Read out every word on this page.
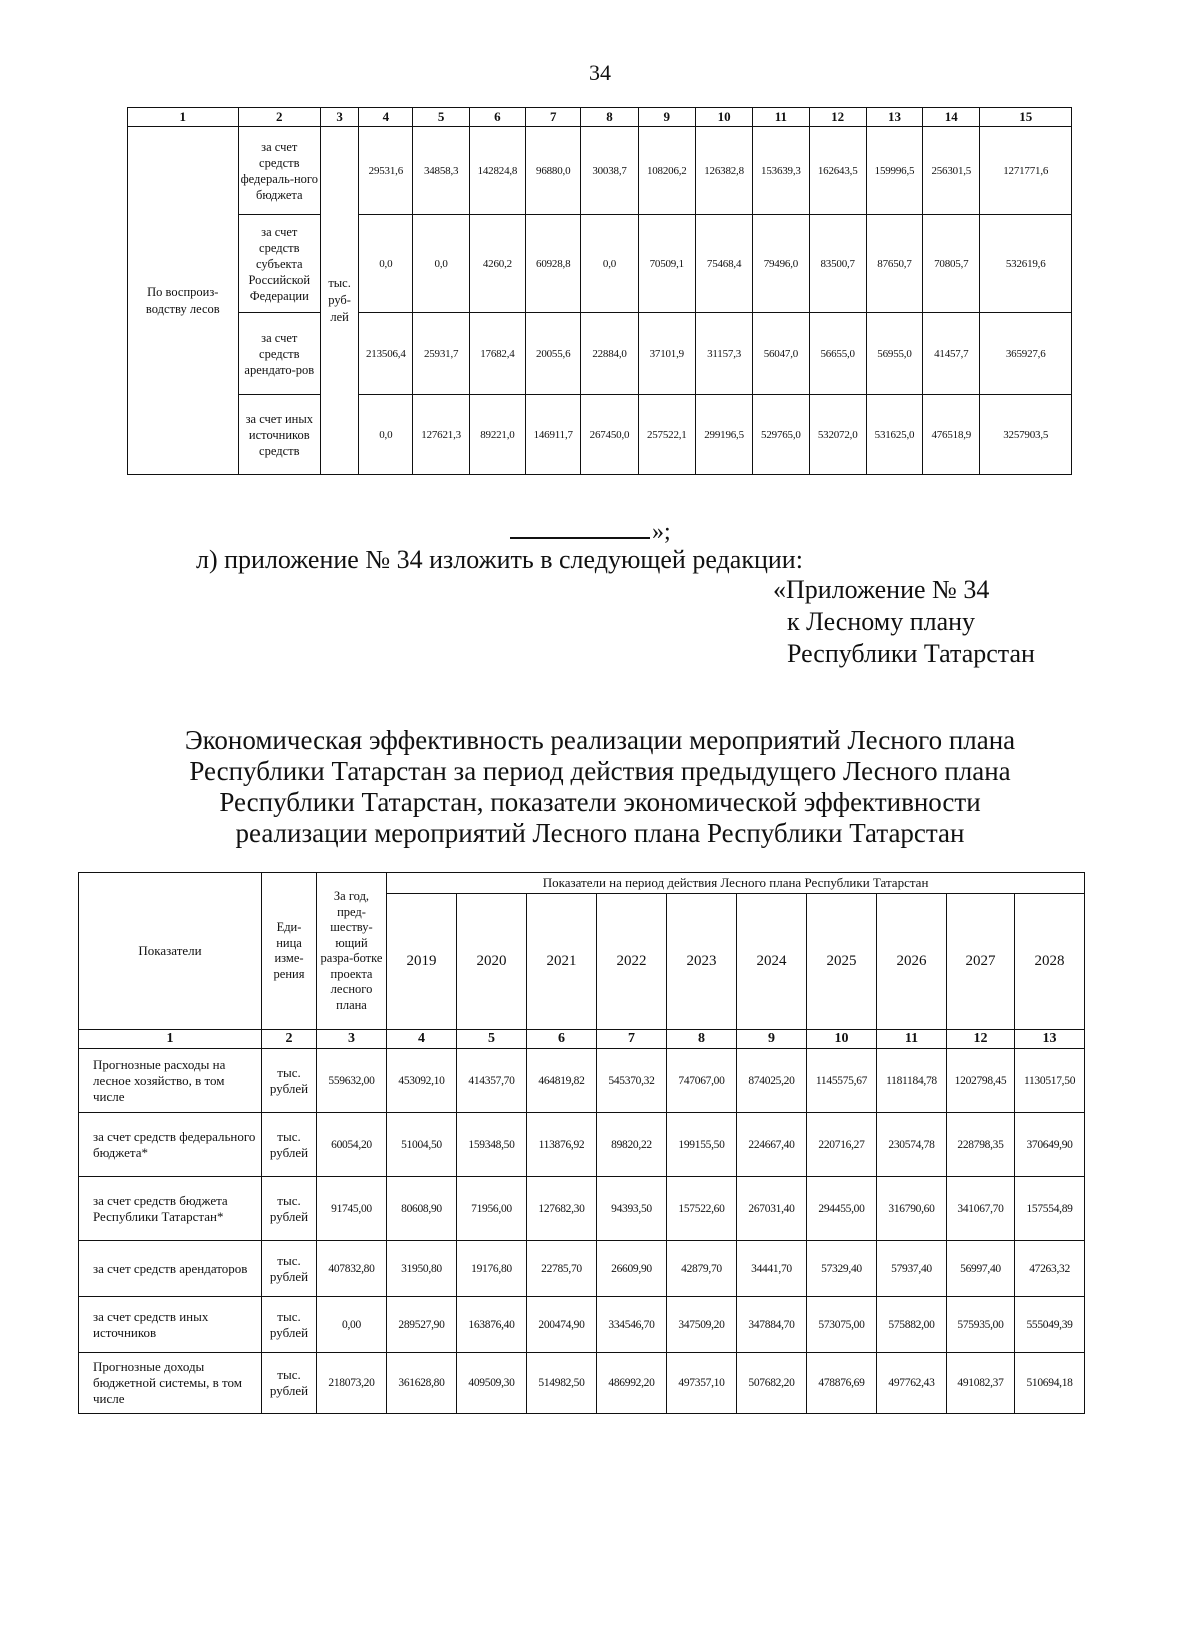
34
1	2	3	4	5	6	7	8	9	10	11	12	13	14	15
По воспроиз-водству лесов	за счет средств федераль-ного бюджета	тыс. руб-лей	29531,6	34858,3	142824,8	96880,0	30038,7	108206,2	126382,8	153639,3	162643,5	159996,5	256301,5	1271771,6
	за счет средств субъекта Российской Федерации		0,0	0,0	4260,2	60928,8	0,0	70509,1	75468,4	79496,0	83500,7	87650,7	70805,7	532619,6
	за счет средств арендато-ров		213506,4	25931,7	17682,4	20055,6	22884,0	37101,9	31157,3	56047,0	56655,0	56955,0	41457,7	365927,6
	за счет иных источников средств		0,0	127621,3	89221,0	146911,7	267450,0	257522,1	299196,5	529765,0	532072,0	531625,0	476518,9	3257903,5
»;
л) приложение № 34 изложить в следующей редакции:
«Приложение № 34
к Лесному плану
Республики Татарстан
Экономическая эффективность реализации мероприятий Лесного плана
Республики Татарстан за период действия предыдущего Лесного плана
Республики Татарстан, показатели экономической эффективности
реализации мероприятий Лесного плана Республики Татарстан
Показатели	Еди-ница изме-рения	За год, пред-шеству-ющий разра-ботке проекта лесного плана	Показатели на период действия Лесного плана Республики Татарстан									
			2019	2020	2021	2022	2023	2024	2025	2026	2027	2028
1	2	3	4	5	6	7	8	9	10	11	12	13
Прогнозные расходы на лесное хозяйство, в том числе	тыс. рублей	559632,00	453092,10	414357,70	464819,82	545370,32	747067,00	874025,20	1145575,67	1181184,78	1202798,45	1130517,50
за счет средств федерального бюджета*	тыс. рублей	60054,20	51004,50	159348,50	113876,92	89820,22	199155,50	224667,40	220716,27	230574,78	228798,35	370649,90
за счет средств бюджета Республики Татарстан*	тыс. рублей	91745,00	80608,90	71956,00	127682,30	94393,50	157522,60	267031,40	294455,00	316790,60	341067,70	157554,89
за счет средств арендаторов	тыс. рублей	407832,80	31950,80	19176,80	22785,70	26609,90	42879,70	34441,70	57329,40	57937,40	56997,40	47263,32
за счет средств иных источников	тыс. рублей	0,00	289527,90	163876,40	200474,90	334546,70	347509,20	347884,70	573075,00	575882,00	575935,00	555049,39
Прогнозные доходы бюджетной системы, в том числе	тыс. рублей	218073,20	361628,80	409509,30	514982,50	486992,20	497357,10	507682,20	478876,69	497762,43	491082,37	510694,18
